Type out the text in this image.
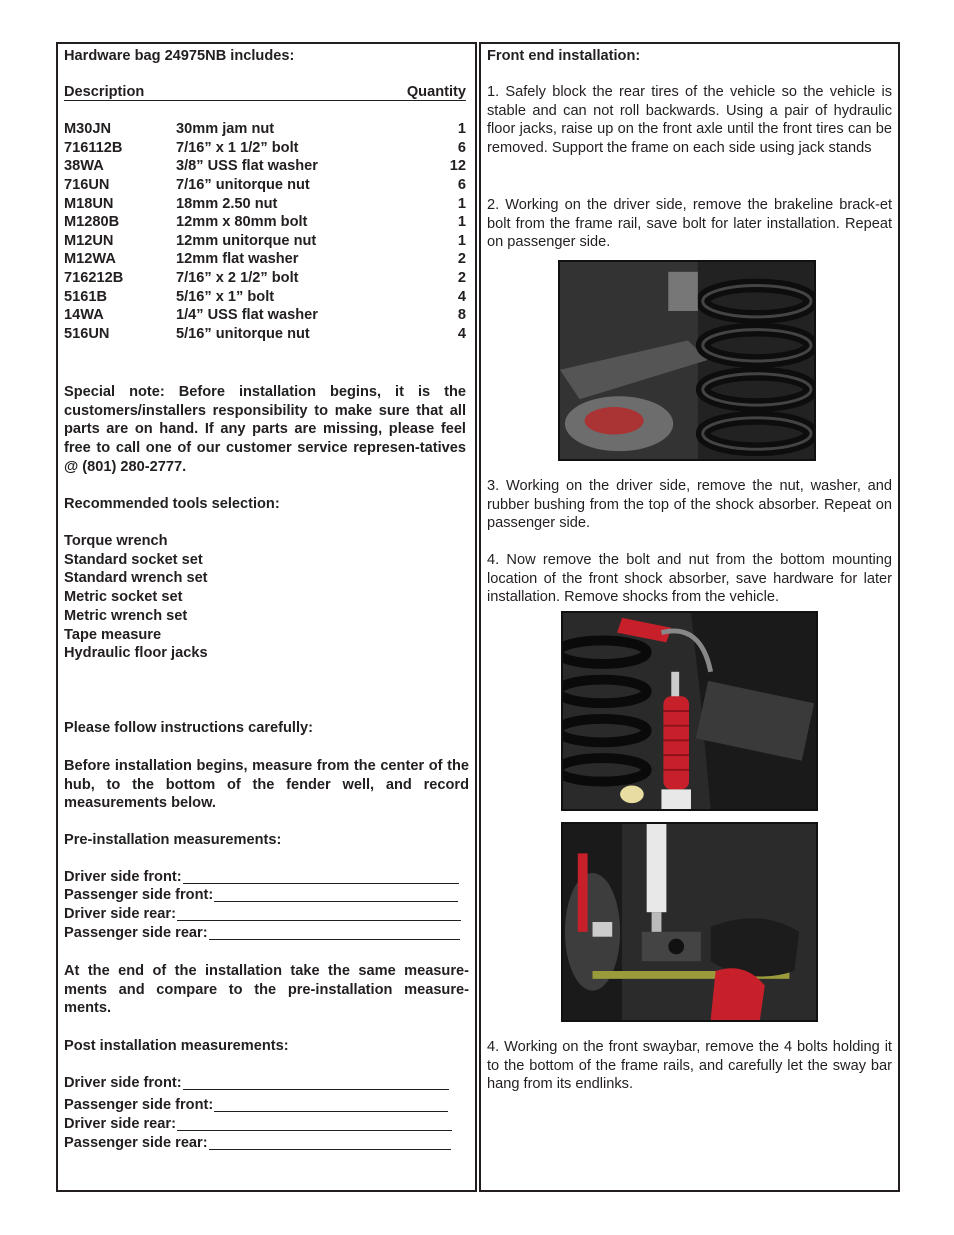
Hardware bag 24975NB includes:

Description	Quantity
M30JN	30mm jam nut	1
716112B	7/16” x 1 1/2” bolt	6
38WA	3/8” USS flat washer	12
716UN	7/16” unitorque nut	6
M18UN	18mm 2.50 nut	1
M1280B	12mm x 80mm bolt	1
M12UN	12mm unitorque nut	1
M12WA	12mm flat washer	2
716212B	7/16” x 2 1/2” bolt	2
5161B	5/16” x 1” bolt	4
14WA	1/4” USS flat washer	8
516UN	5/16” unitorque nut	4

Special note: Before installation begins, it is the customers/installers responsibility to make sure that all parts are on hand. If any parts are missing, please feel free to call one of our customer service represen-tatives @ (801) 280-2777.

Recommended tools selection:

Torque wrench

Standard socket set

Standard wrench set

Metric socket set

Metric wrench set

Tape measure

Hydraulic floor jacks

Please follow instructions carefully:

Before installation begins, measure from the center of the hub, to the bottom of the fender well, and record measurements below.

Pre-installation measurements:

Driver side front:
Passenger side front:
Driver side rear:
Passenger side rear:

At the end of the installation take the same measure-ments and compare to the pre-installation measure-ments.

Post installation measurements:

Driver side front:
Passenger side front:
Driver side rear:
Passenger side rear:

Front end installation:

1. Safely block the rear tires of the vehicle so the vehicle is stable and can not roll backwards. Using a pair of hydraulic floor jacks, raise up on the front axle until the front tires can be removed. Support the frame on each side using jack stands

2. Working on the driver side, remove the brakeline brack-et bolt from the frame rail, save bolt for later installation. Repeat on passenger side.

3. Working on the driver side, remove the nut, washer, and rubber bushing from the top of the shock absorber. Repeat on passenger side.

4. Now remove the bolt and nut from the bottom mounting location of the front shock absorber, save hardware for later installation. Remove shocks from the vehicle.

4. Working on the front swaybar, remove the 4 bolts holding it to the bottom of the frame rails, and carefully let the sway bar hang from its endlinks.
